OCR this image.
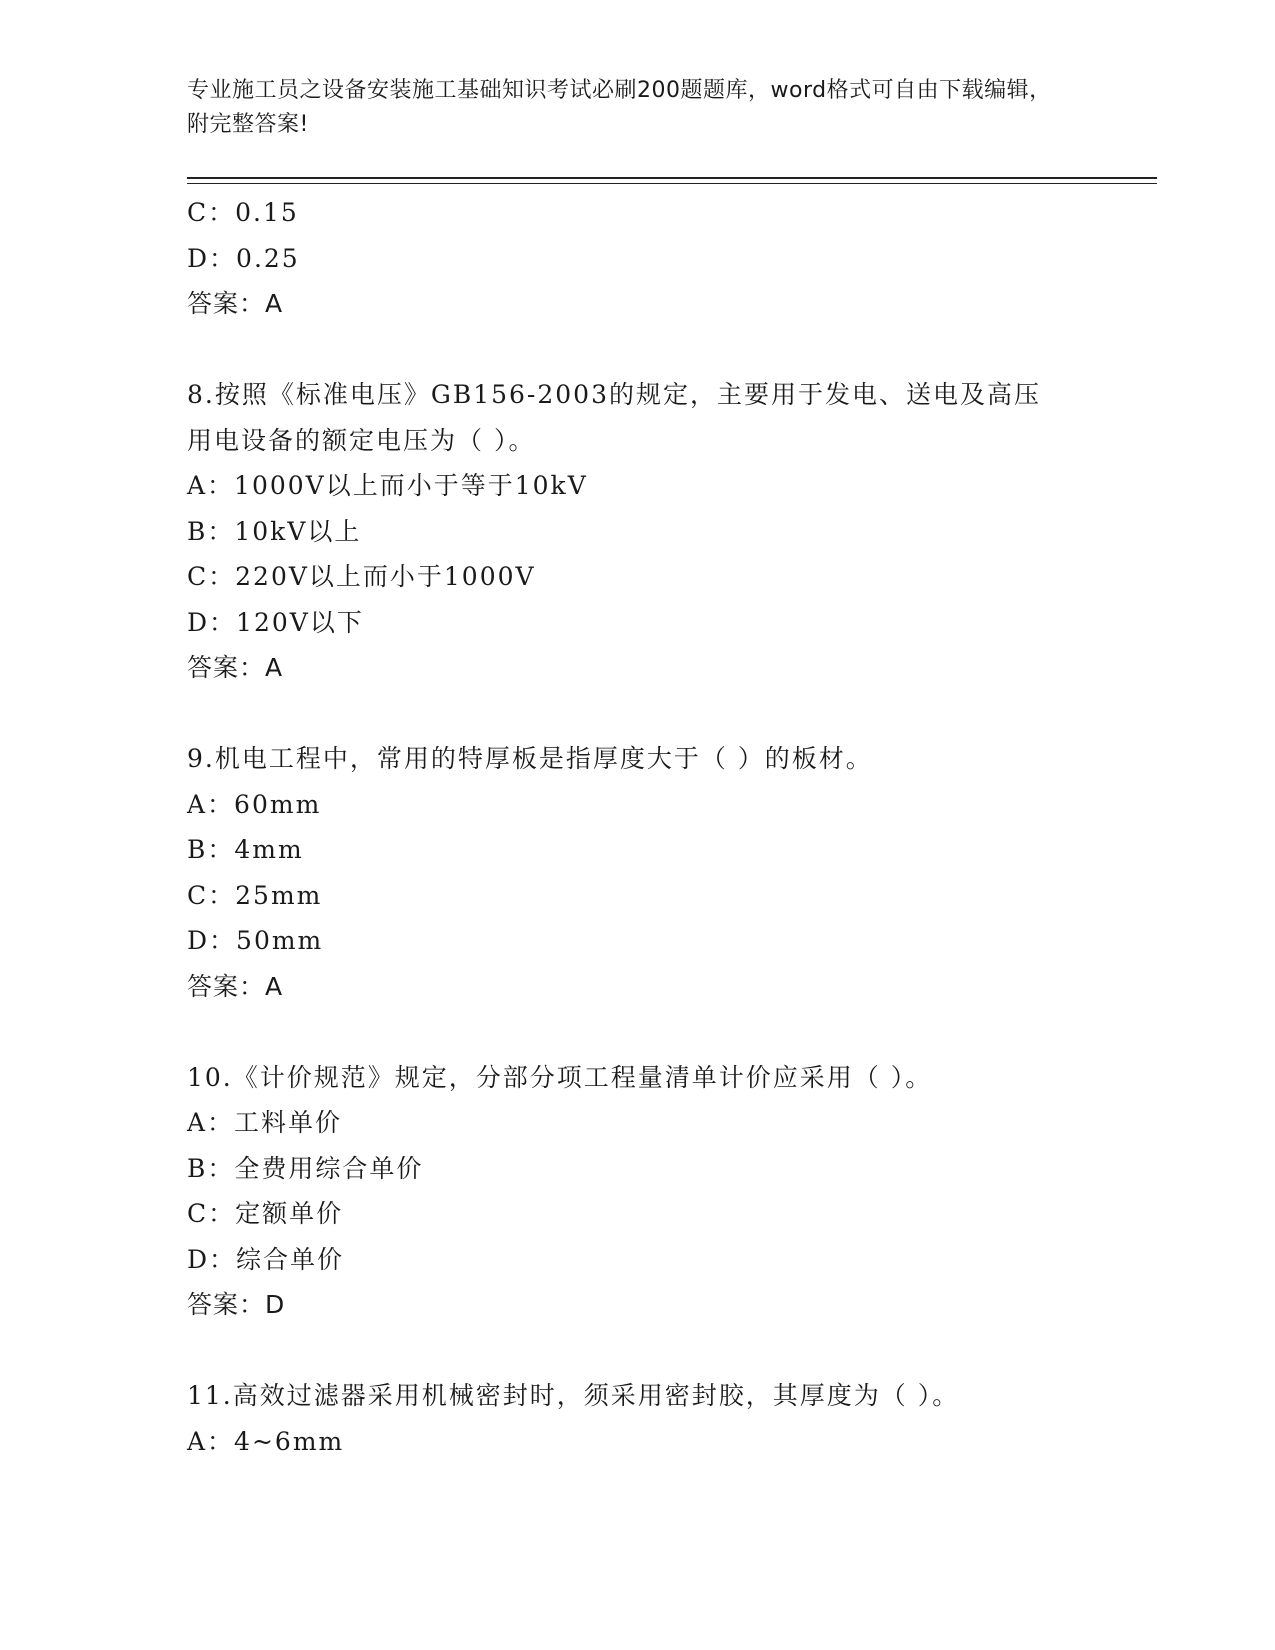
专业施工员之设备安装施工基础知识考试必刷200题题库，word格式可自由下载编辑，附完整答案!
C：0.15
D：0.25
答案：A
8.按照《标准电压》GB156-2003的规定，主要用于发电、送电及高压用电设备的额定电压为（ ）。
A：1000V以上而小于等于10kV
B：10kV以上
C：220V以上而小于1000V
D：120V以下
答案：A
9.机电工程中，常用的特厚板是指厚度大于（ ）的板材。
A：60mm
B：4mm
C：25mm
D：50mm
答案：A
10.《计价规范》规定，分部分项工程量清单计价应采用（ ）。
A：工料单价
B：全费用综合单价
C：定额单价
D：综合单价
答案：D
11.高效过滤器采用机械密封时，须采用密封胶，其厚度为（ ）。
A：4~6mm
